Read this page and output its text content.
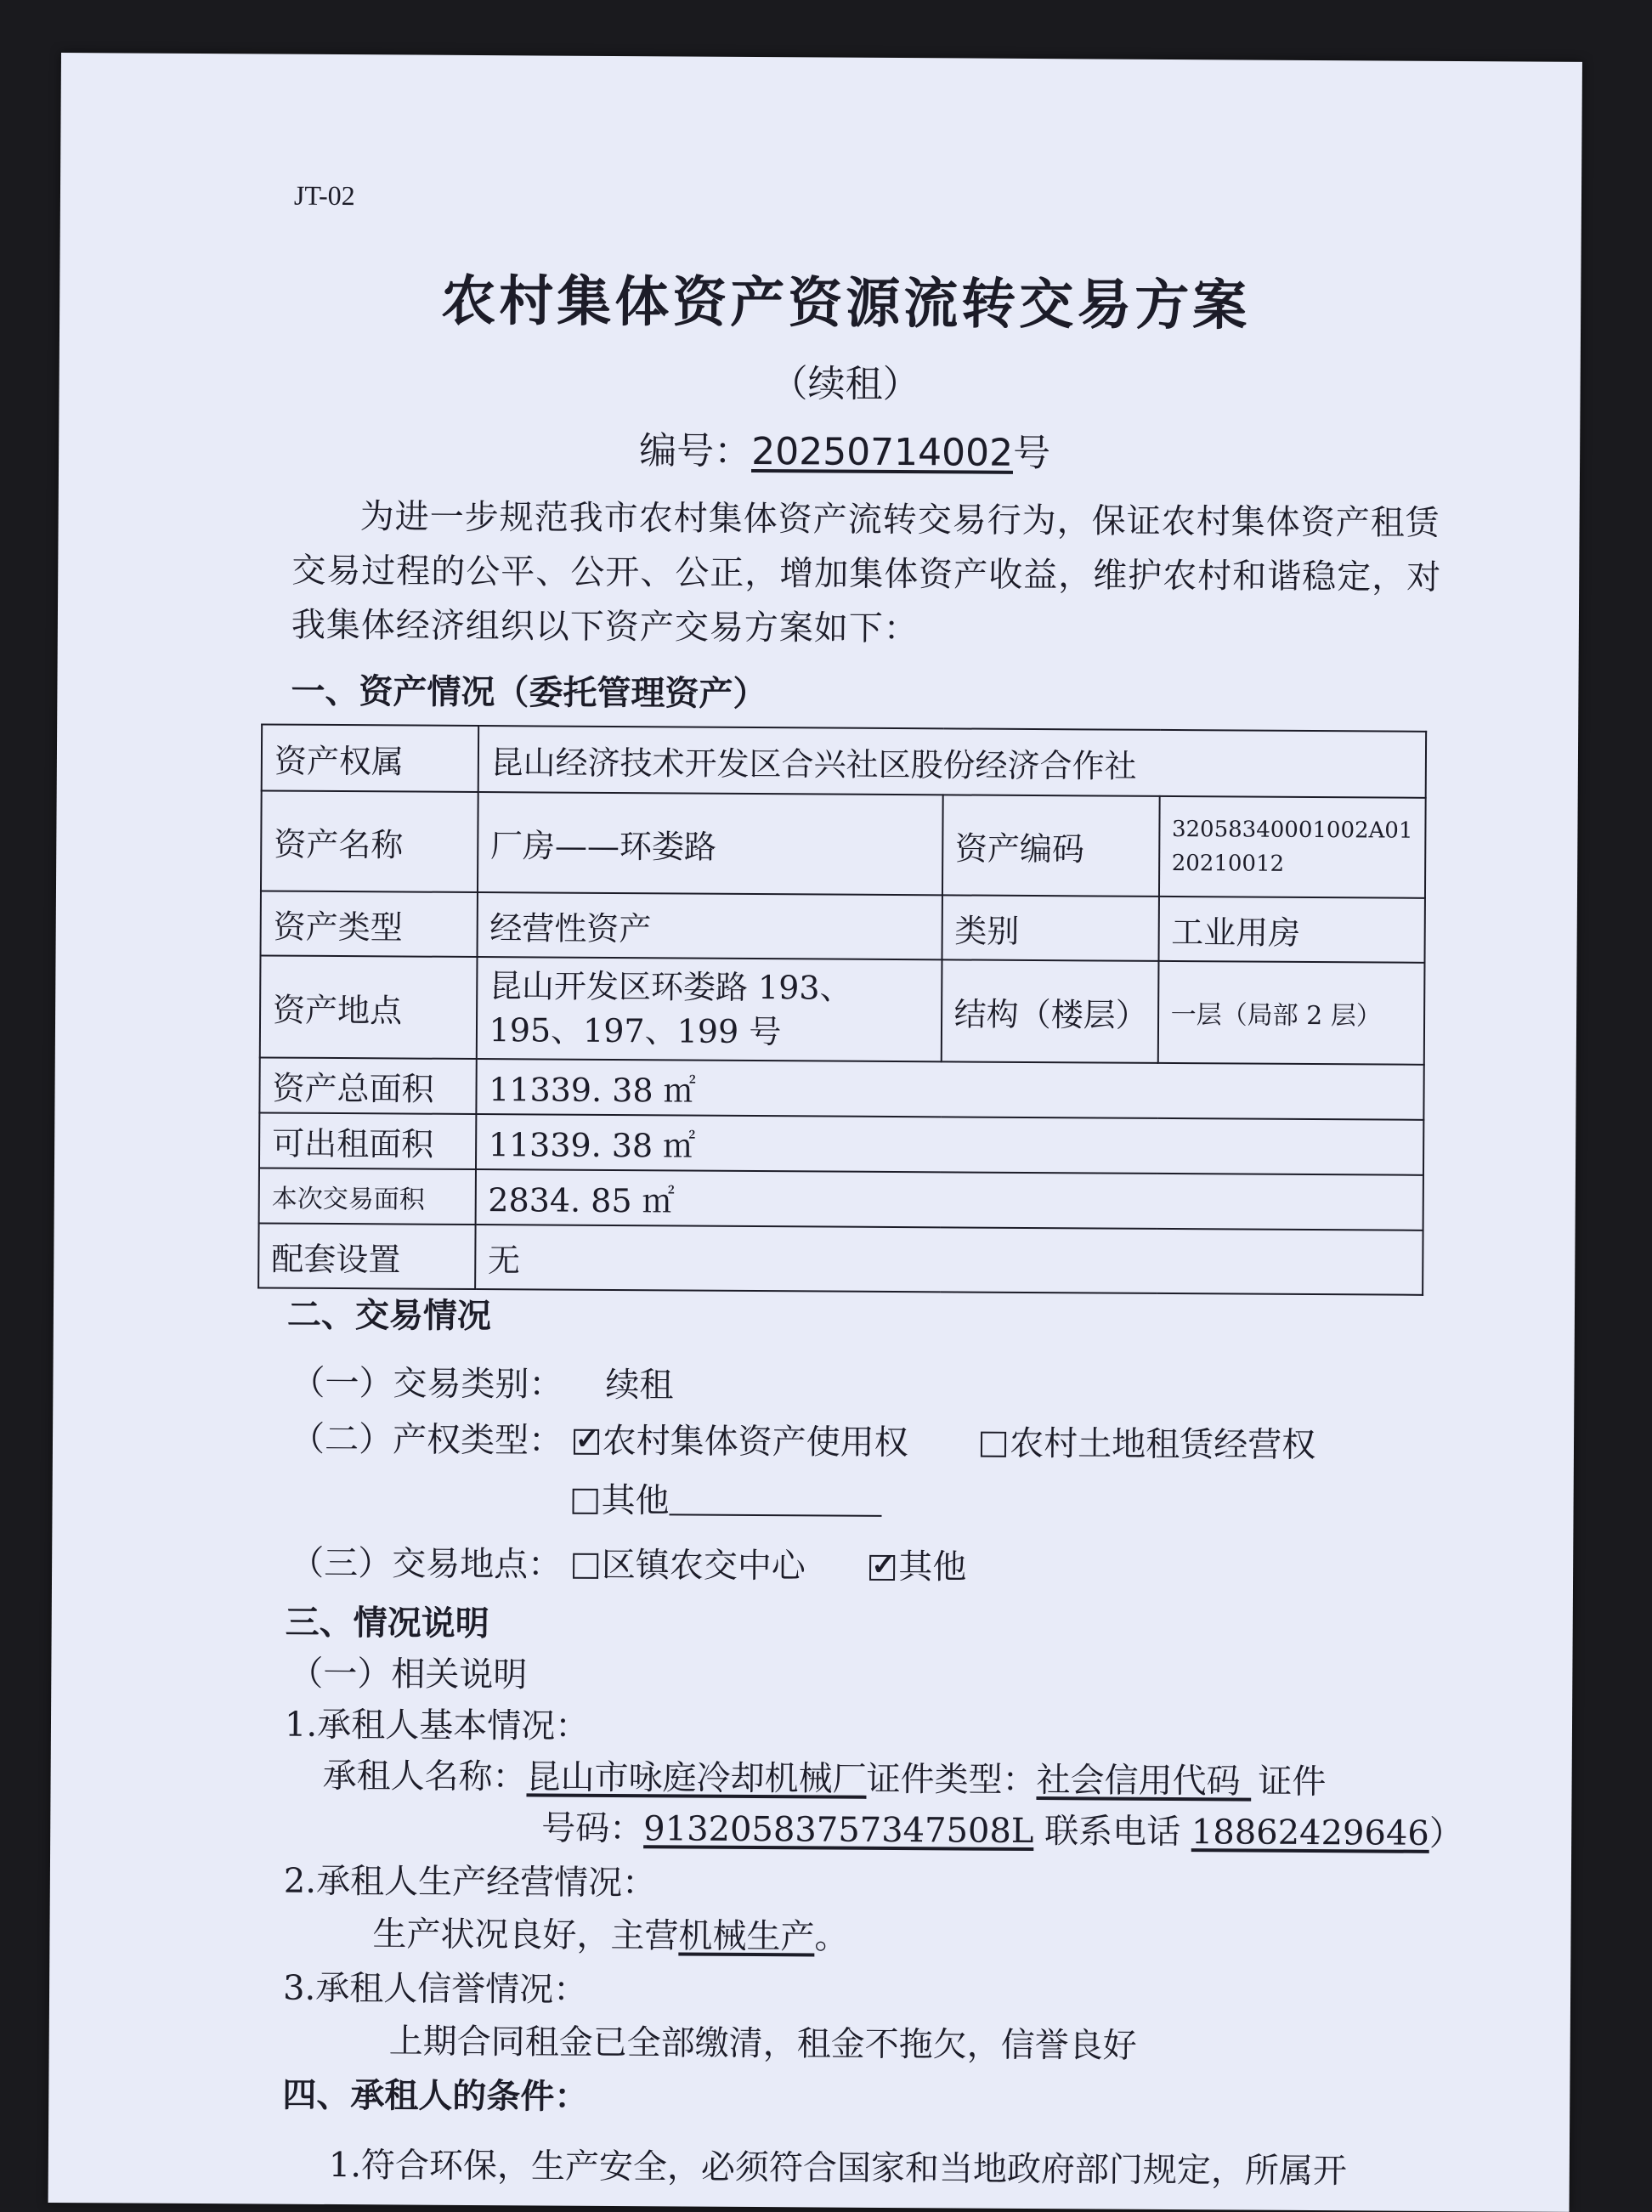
JT-02
农村集体资产资源流转交易方案
（续租）
编号：20250714002号
为进一步规范我市农村集体资产流转交易行为，保证农村集体资产租赁交易过程的公平、公开、公正，增加集体资产收益，维护农村和谐稳定，对我集体经济组织以下资产交易方案如下：
一、资产情况（委托管理资产）
资产权属	昆山经济技术开发区合兴社区股份经济合作社		
资产名称	厂房——环娄路	资产编码	32058340001002A01
20210012

资产类型	经营性资产	类别	工业用房
资产地点	昆山开发区环娄路 193、195、197、199 号	结构（楼层）	一层（局部 2 层）
资产总面积	11339. 38 ㎡		
可出租面积	11339. 38 ㎡		
本次交易面积	2834. 85 ㎡		
配套设置	无		
二、交易情况
（一）交易类别： 续租
（二）产权类型： ✓ 农村集体资产使用权	农村土地租赁经营权
其他
（三）交易地点： 区镇农交中心 ✓	其他
三、情况说明
（一）相关说明
1.承租人基本情况：
承租人名称：昆山市咏庭冷却机械厂证件类型：社会信用代码 证件
号码：91320583757347508L 联系电话 18862429646）
2.承租人生产经营情况：
生产状况良好，主营机械生产。
3.承租人信誉情况：
上期合同租金已全部缴清，租金不拖欠，信誉良好
四、承租人的条件：
1.符合环保，生产安全，必须符合国家和当地政府部门规定，所属开
